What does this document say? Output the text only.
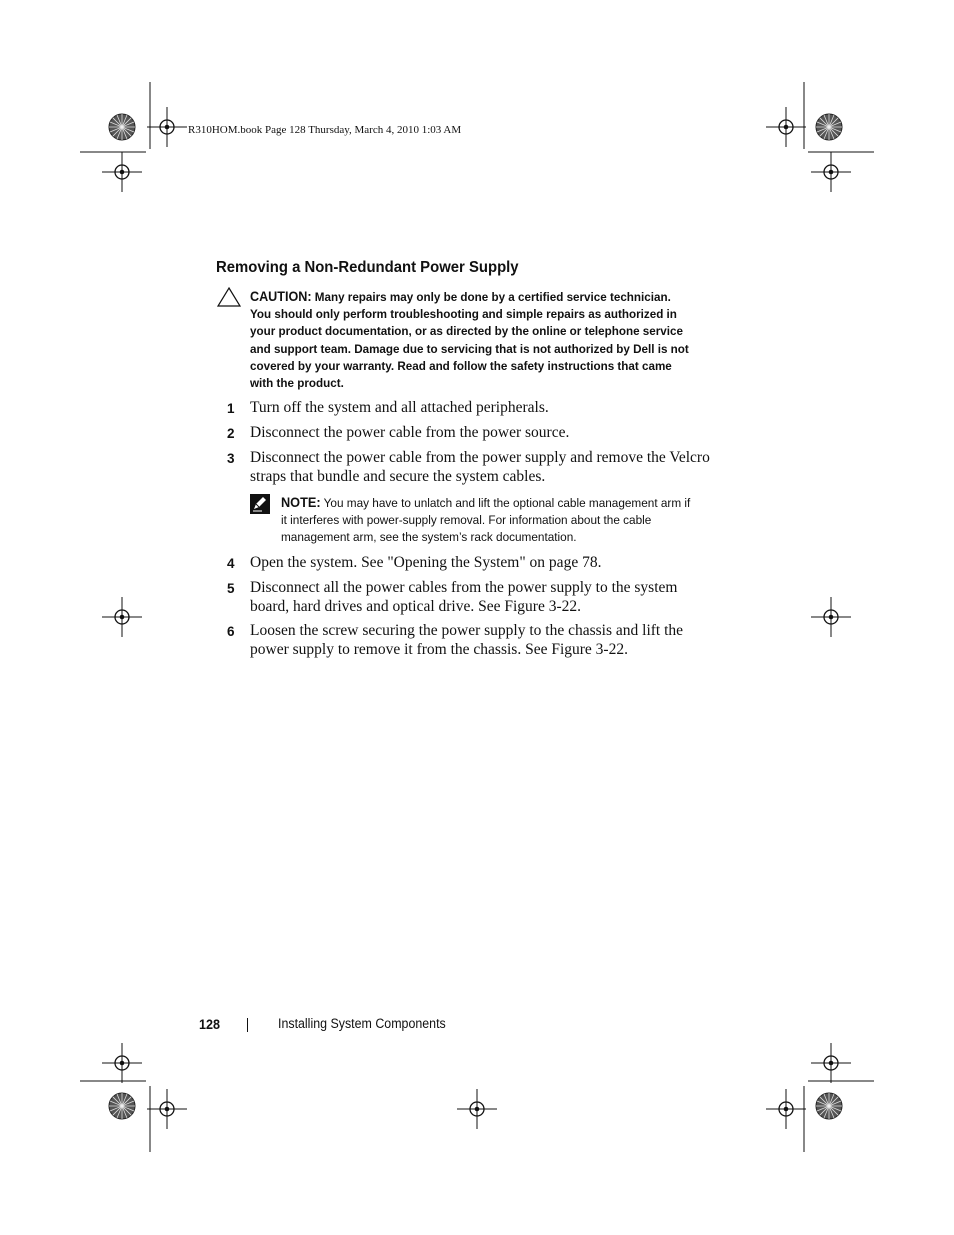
R310HOM.book Page 128 Thursday, March 4, 2010 1:03 AM
Removing a Non-Redundant Power Supply
CAUTION: Many repairs may only be done by a certified service technician. You should only perform troubleshooting and simple repairs as authorized in your product documentation, or as directed by the online or telephone service and support team. Damage due to servicing that is not authorized by Dell is not covered by your warranty. Read and follow the safety instructions that came with the product.
1 Turn off the system and all attached peripherals.
2 Disconnect the power cable from the power source.
3 Disconnect the power cable from the power supply and remove the Velcro straps that bundle and secure the system cables.
NOTE: You may have to unlatch and lift the optional cable management arm if it interferes with power-supply removal. For information about the cable management arm, see the system’s rack documentation.
4 Open the system. See "Opening the System" on page 78.
5 Disconnect all the power cables from the power supply to the system board, hard drives and optical drive. See Figure 3-22.
6 Loosen the screw securing the power supply to the chassis and lift the power supply to remove it from the chassis. See Figure 3-22.
128	Installing System Components
